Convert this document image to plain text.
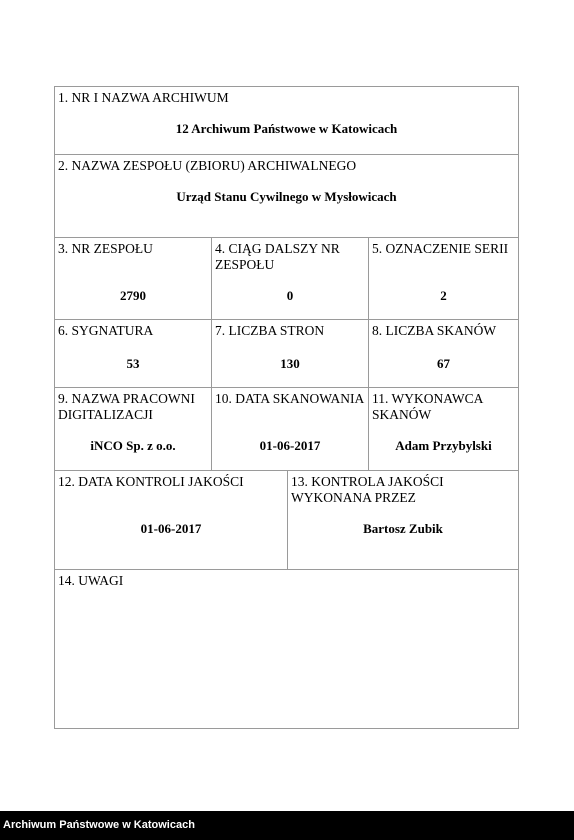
1. NR I NAZWA ARCHIWUM
12 Archiwum Państwowe w Katowicach
2. NAZWA ZESPOŁU (ZBIORU) ARCHIWALNEGO
Urząd Stanu Cywilnego w Mysłowicach
3. NR ZESPOŁU
2790
4. CIĄG DALSZY NR ZESPOŁU
0
5. OZNACZENIE SERII
2
6. SYGNATURA
53
7. LICZBA STRON
130
8. LICZBA SKANÓW
67
9. NAZWA PRACOWNI DIGITALIZACJI
iNCO Sp. z o.o.
10. DATA SKANOWANIA
01-06-2017
11. WYKONAWCA SKANÓW
Adam Przybylski
12. DATA KONTROLI JAKOŚCI
01-06-2017
13. KONTROLA JAKOŚCI WYKONANA PRZEZ
Bartosz Zubik
14. UWAGI
Archiwum Państwowe w Katowicach
